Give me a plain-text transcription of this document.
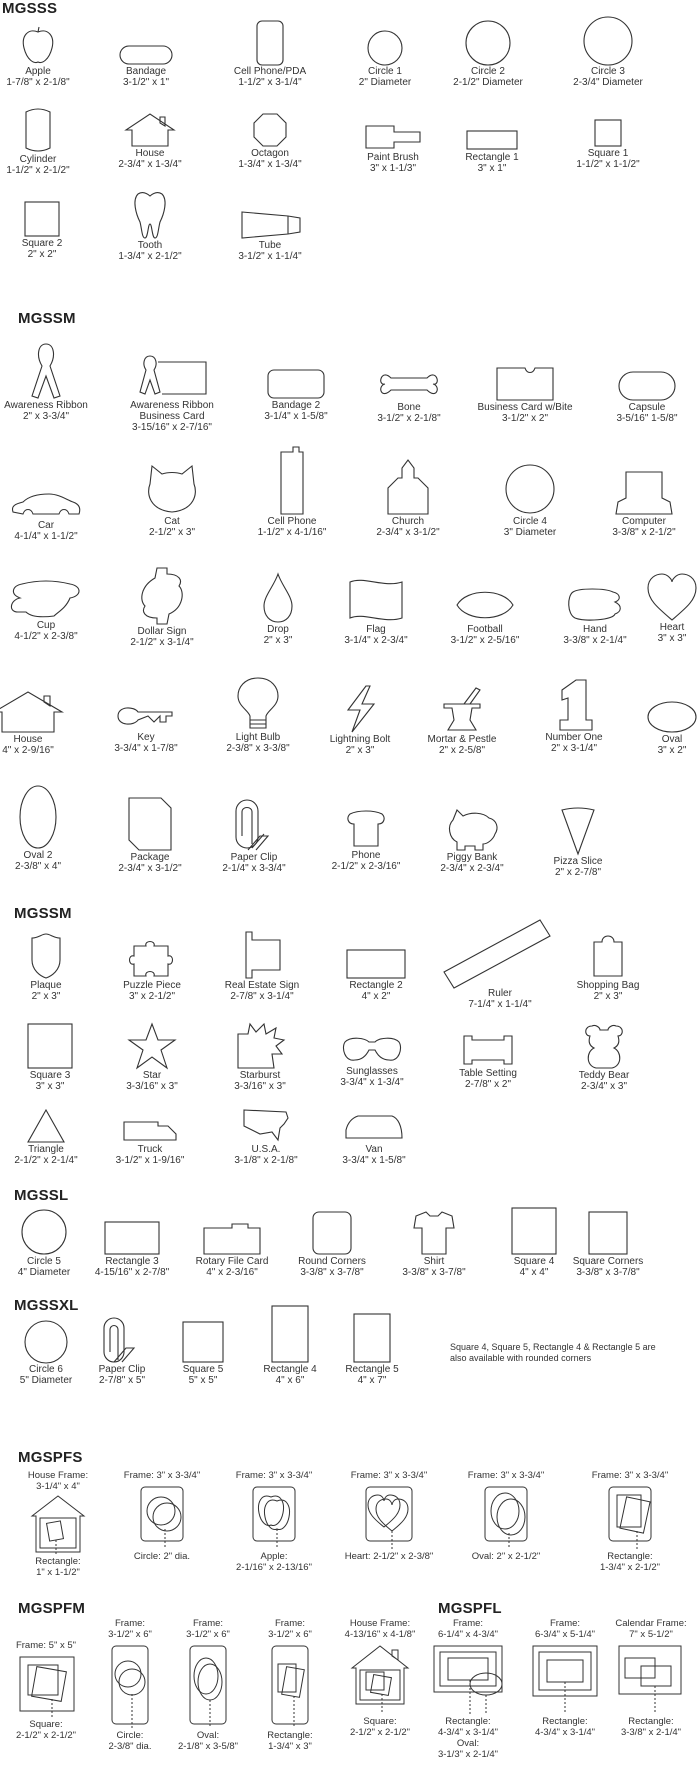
MGSSS
MGSSM
MGSSM
MGSSL
MGSSXL
MGSPFS
MGSPFM	MGSPFL
Apple
1-7/8" x 2-1/8"
Bandage
3-1/2" x 1"
Cell Phone/PDA
1-1/2" x 3-1/4"
Circle 1
2" Diameter
Circle 2
2-1/2" Diameter
Circle 3
2-3/4" Diameter
Cylinder
1-1/2" x 2-1/2"
House
2-3/4" x 1-3/4"
Octagon
1-3/4" x 1-3/4"
Paint Brush
3" x 1-1/3"
Rectangle 1
3" x 1"
Square 1
1-1/2" x 1-1/2"
Square 2
2" x 2"
Tooth
1-3/4" x 2-1/2"
Tube
3-1/2" x 1-1/4"
Awareness Ribbon
2" x 3-3/4"
Awareness Ribbon
Business Card
3-15/16" x 2-7/16"
Bandage 2
3-1/4" x 1-5/8"
Bone
3-1/2" x 2-1/8"
Business Card w/Bite
3-1/2" x 2"
Capsule
3-5/16" 1-5/8"
Car
4-1/4" x 1-1/2"
Cat
2-1/2" x 3"
Cell Phone
1-1/2" x 4-1/16"
Church
2-3/4" x 3-1/2"
Circle 4
3" Diameter
Computer
3-3/8" x 2-1/2"
Cup
4-1/2" x 2-3/8"	Dollar Sign
2-1/2" x 3-1/4"
Drop
2" x 3"
Flag
3-1/4" x 2-3/4"
Football
3-1/2" x 2-5/16"
Hand
3-3/8" x 2-1/4"
Heart
3" x 3"
House
4" x 2-9/16"
Key
3-3/4" x 1-7/8"
Light Bulb
2-3/8" x 3-3/8"
Lightning Bolt
2" x 3"
Mortar & Pestle
2" x 2-5/8"
Number One
2" x 3-1/4"
Oval
3" x 2"
Oval 2
2-3/8" x 4"
Package
2-3/4" x 3-1/2"
Paper Clip
2-1/4" x 3-3/4"
Phone
2-1/2" x 2-3/16"
Piggy Bank
2-3/4" x 2-3/4"
Pizza Slice
2" x 2-7/8"
Plaque
2" x 3"
Puzzle Piece
3" x 2-1/2"
Real Estate Sign
2-7/8" x 3-1/4"
Rectangle 2
4" x 2"	Ruler
7-1/4" x 1-1/4"
Shopping Bag
2" x 3"
Square 3
3" x 3"
Star
3-3/16" x 3"
Starburst
3-3/16" x 3"
Sunglasses
3-3/4" x 1-3/4"
Table Setting
2-7/8" x 2"
Teddy Bear
2-3/4" x 3"
Triangle
2-1/2" x 2-1/4"
Truck
3-1/2" x 1-9/16"
U.S.A.
3-1/8" x 2-1/8"
Van
3-3/4" x 1-5/8"
Circle 5
4" Diameter
Rectangle 3
4-15/16" x 2-7/8"
Rotary File Card
4" x 2-3/16"
Round Corners
3-3/8" x 3-7/8"
Shirt
3-3/8" x 3-7/8"
Square 4
4" x 4"
Square Corners
3-3/8" x 3-7/8"
Circle 6
5" Diameter
Paper Clip
2-7/8" x 5"
Square 5
5" x 5"
Rectangle 4
4" x 6"
Rectangle 5
4" x 7"
Square 4, Square 5, Rectangle 4 & Rectangle 5 are also available with rounded corners
House Frame:
3-1/4" x 4"
Rectangle:
1" x 1-1/2"
Frame: 3" x 3-3/4"
Circle: 2" dia.
Frame: 3" x 3-3/4"
Apple:
2-1/16" x 2-13/16"
Frame: 3" x 3-3/4"
Heart: 2-1/2" x 2-3/8"
Frame: 3" x 3-3/4"
Oval: 2" x 2-1/2"
Frame: 3" x 3-3/4"
Rectangle:
1-3/4" x 2-1/2"
Frame: 5" x 5"
Square:
2-1/2" x 2-1/2"
Frame:
3-1/2" x 6"
Circle:
2-3/8" dia.
Frame:
3-1/2" x 6"
Oval:
2-1/8" x 3-5/8"
Frame:
3-1/2" x 6"
Rectangle:
1-3/4" x 3"
House Frame:
4-13/16" x 4-1/8"
Square:
2-1/2" x 2-1/2"
Frame:
6-1/4" x 4-3/4"
Rectangle:
4-3/4" x 3-1/4"
Oval:
3-1/3" x 2-1/4"
Frame:
6-3/4" x 5-1/4"
Rectangle:
4-3/4" x 3-1/4"
Calendar Frame:
7" x 5-1/2"
Rectangle:
3-3/8" x 2-1/4"
